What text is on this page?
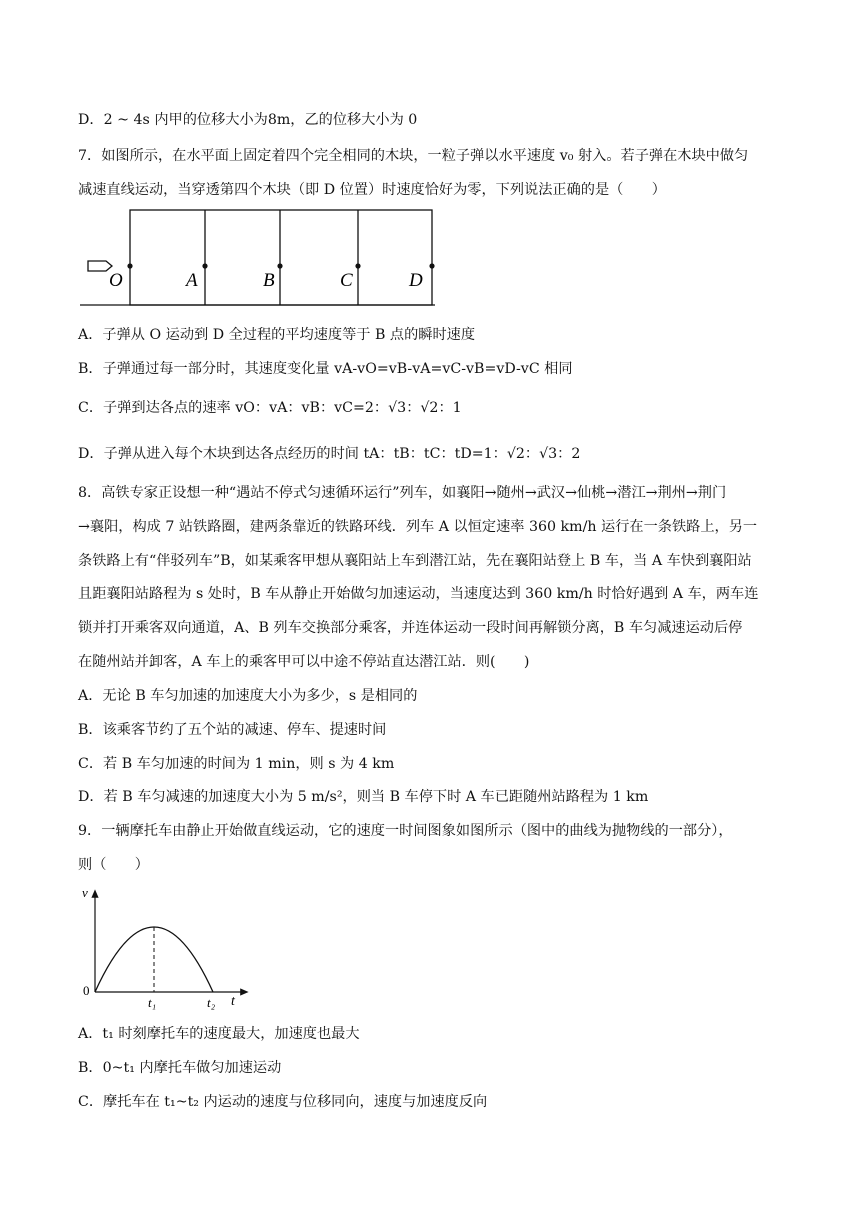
D．2 ~ 4s 内甲的位移大小为8m，乙的位移大小为 0
7．如图所示，在水平面上固定着四个完全相同的木块，一粒子弹以水平速度 v₀ 射入。若子弹在木块中做匀
减速直线运动，当穿透第四个木块（即 D 位置）时速度恰好为零，下列说法正确的是（　　）
O	A	B	C	D
A．子弹从 O 运动到 D 全过程的平均速度等于 B 点的瞬时速度
B．子弹通过每一部分时，其速度变化量 vA-vO=vB-vA=vC-vB=vD-vC 相同
C．子弹到达各点的速率 vO：vA：vB：vC=2：√3：√2：1
D．子弹从进入每个木块到达各点经历的时间 tA：tB：tC：tD=1：√2：√3：2
8．高铁专家正设想一种“遇站不停式匀速循环运行”列车，如襄阳→随州→武汉→仙桃→潜江→荆州→荆门
→襄阳，构成 7 站铁路圈，建两条靠近的铁路环线．列车 A 以恒定速率 360 km/h 运行在一条铁路上，另一
条铁路上有“伴驳列车”B，如某乘客甲想从襄阳站上车到潜江站，先在襄阳站登上 B 车，当 A 车快到襄阳站
且距襄阳站路程为 s 处时，B 车从静止开始做匀加速运动，当速度达到 360 km/h 时恰好遇到 A 车，两车连
锁并打开乘客双向通道，A、B 列车交换部分乘客，并连体运动一段时间再解锁分离，B 车匀减速运动后停
在随州站并卸客，A 车上的乘客甲可以中途不停站直达潜江站．则(　　)
A．无论 B 车匀加速的加速度大小为多少，s 是相同的
B．该乘客节约了五个站的减速、停车、提速时间
C．若 B 车匀加速的时间为 1 min，则 s 为 4 km
D．若 B 车匀减速的加速度大小为 5 m/s²，则当 B 车停下时 A 车已距随州站路程为 1 km
9．一辆摩托车由静止开始做直线运动，它的速度一时间图象如图所示（图中的曲线为抛物线的一部分），
则（　　）
v
0
t₁	t₂ t
A．t₁ 时刻摩托车的速度最大，加速度也最大
B．0~t₁ 内摩托车做匀加速运动
C．摩托车在 t₁~t₂ 内运动的速度与位移同向，速度与加速度反向
